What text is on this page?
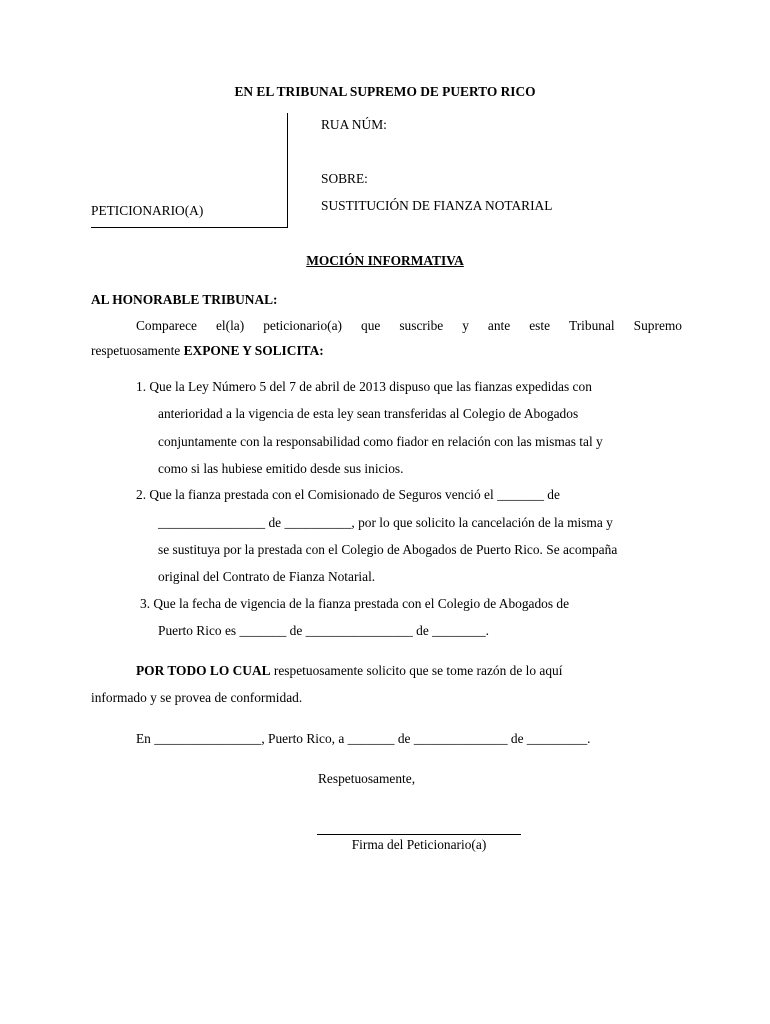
EN EL TRIBUNAL SUPREMO DE PUERTO RICO
RUA NÚM:
SOBRE:
SUSTITUCIÓN DE FIANZA NOTARIAL
PETICIONARIO(A)
MOCIÓN INFORMATIVA
AL HONORABLE TRIBUNAL:
Comparece el(la) peticionario(a) que suscribe y ante este Tribunal Supremo
respetuosamente EXPONE Y SOLICITA:
1. Que la Ley Número 5 del 7 de abril de 2013 dispuso que las fianzas expedidas con
anterioridad a la vigencia de esta ley sean transferidas al Colegio de Abogados
conjuntamente con la responsabilidad como fiador en relación con las mismas tal y
como si las hubiese emitido desde sus inicios.
2. Que la fianza prestada con el Comisionado de Seguros venció el _______ de
________________ de __________, por lo que solicito la cancelación de la misma y
se sustituya por la prestada con el Colegio de Abogados de Puerto Rico. Se acompaña
original del Contrato de Fianza Notarial.
3. Que la fecha de vigencia de la fianza prestada con el Colegio de Abogados de
Puerto Rico es _______ de ________________ de ________.
POR TODO LO CUAL respetuosamente solicito que se tome razón de lo aquí
informado y se provea de conformidad.
En ________________, Puerto Rico, a _______ de ______________ de _________.
Respetuosamente,
Firma del Peticionario(a)
